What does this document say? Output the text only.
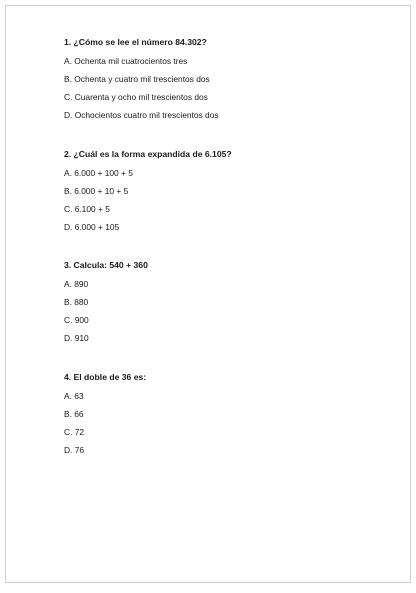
1. ¿Cómo se lee el número 84.302?
A. Ochenta mil cuatrocientos tres
B. Ochenta y cuatro mil trescientos dos
C. Cuarenta y ocho mil trescientos dos
D. Ochocientos cuatro mil trescientos dos
2. ¿Cuál es la forma expandida de 6.105?
A. 6.000 + 100 + 5
B. 6.000 + 10 + 5
C. 6.100 + 5
D. 6.000 + 105
3. Calcula: 540 + 360
A. 890
B. 880
C. 900
D. 910
4. El doble de 36 es:
A. 63
B. 66
C. 72
D. 76
